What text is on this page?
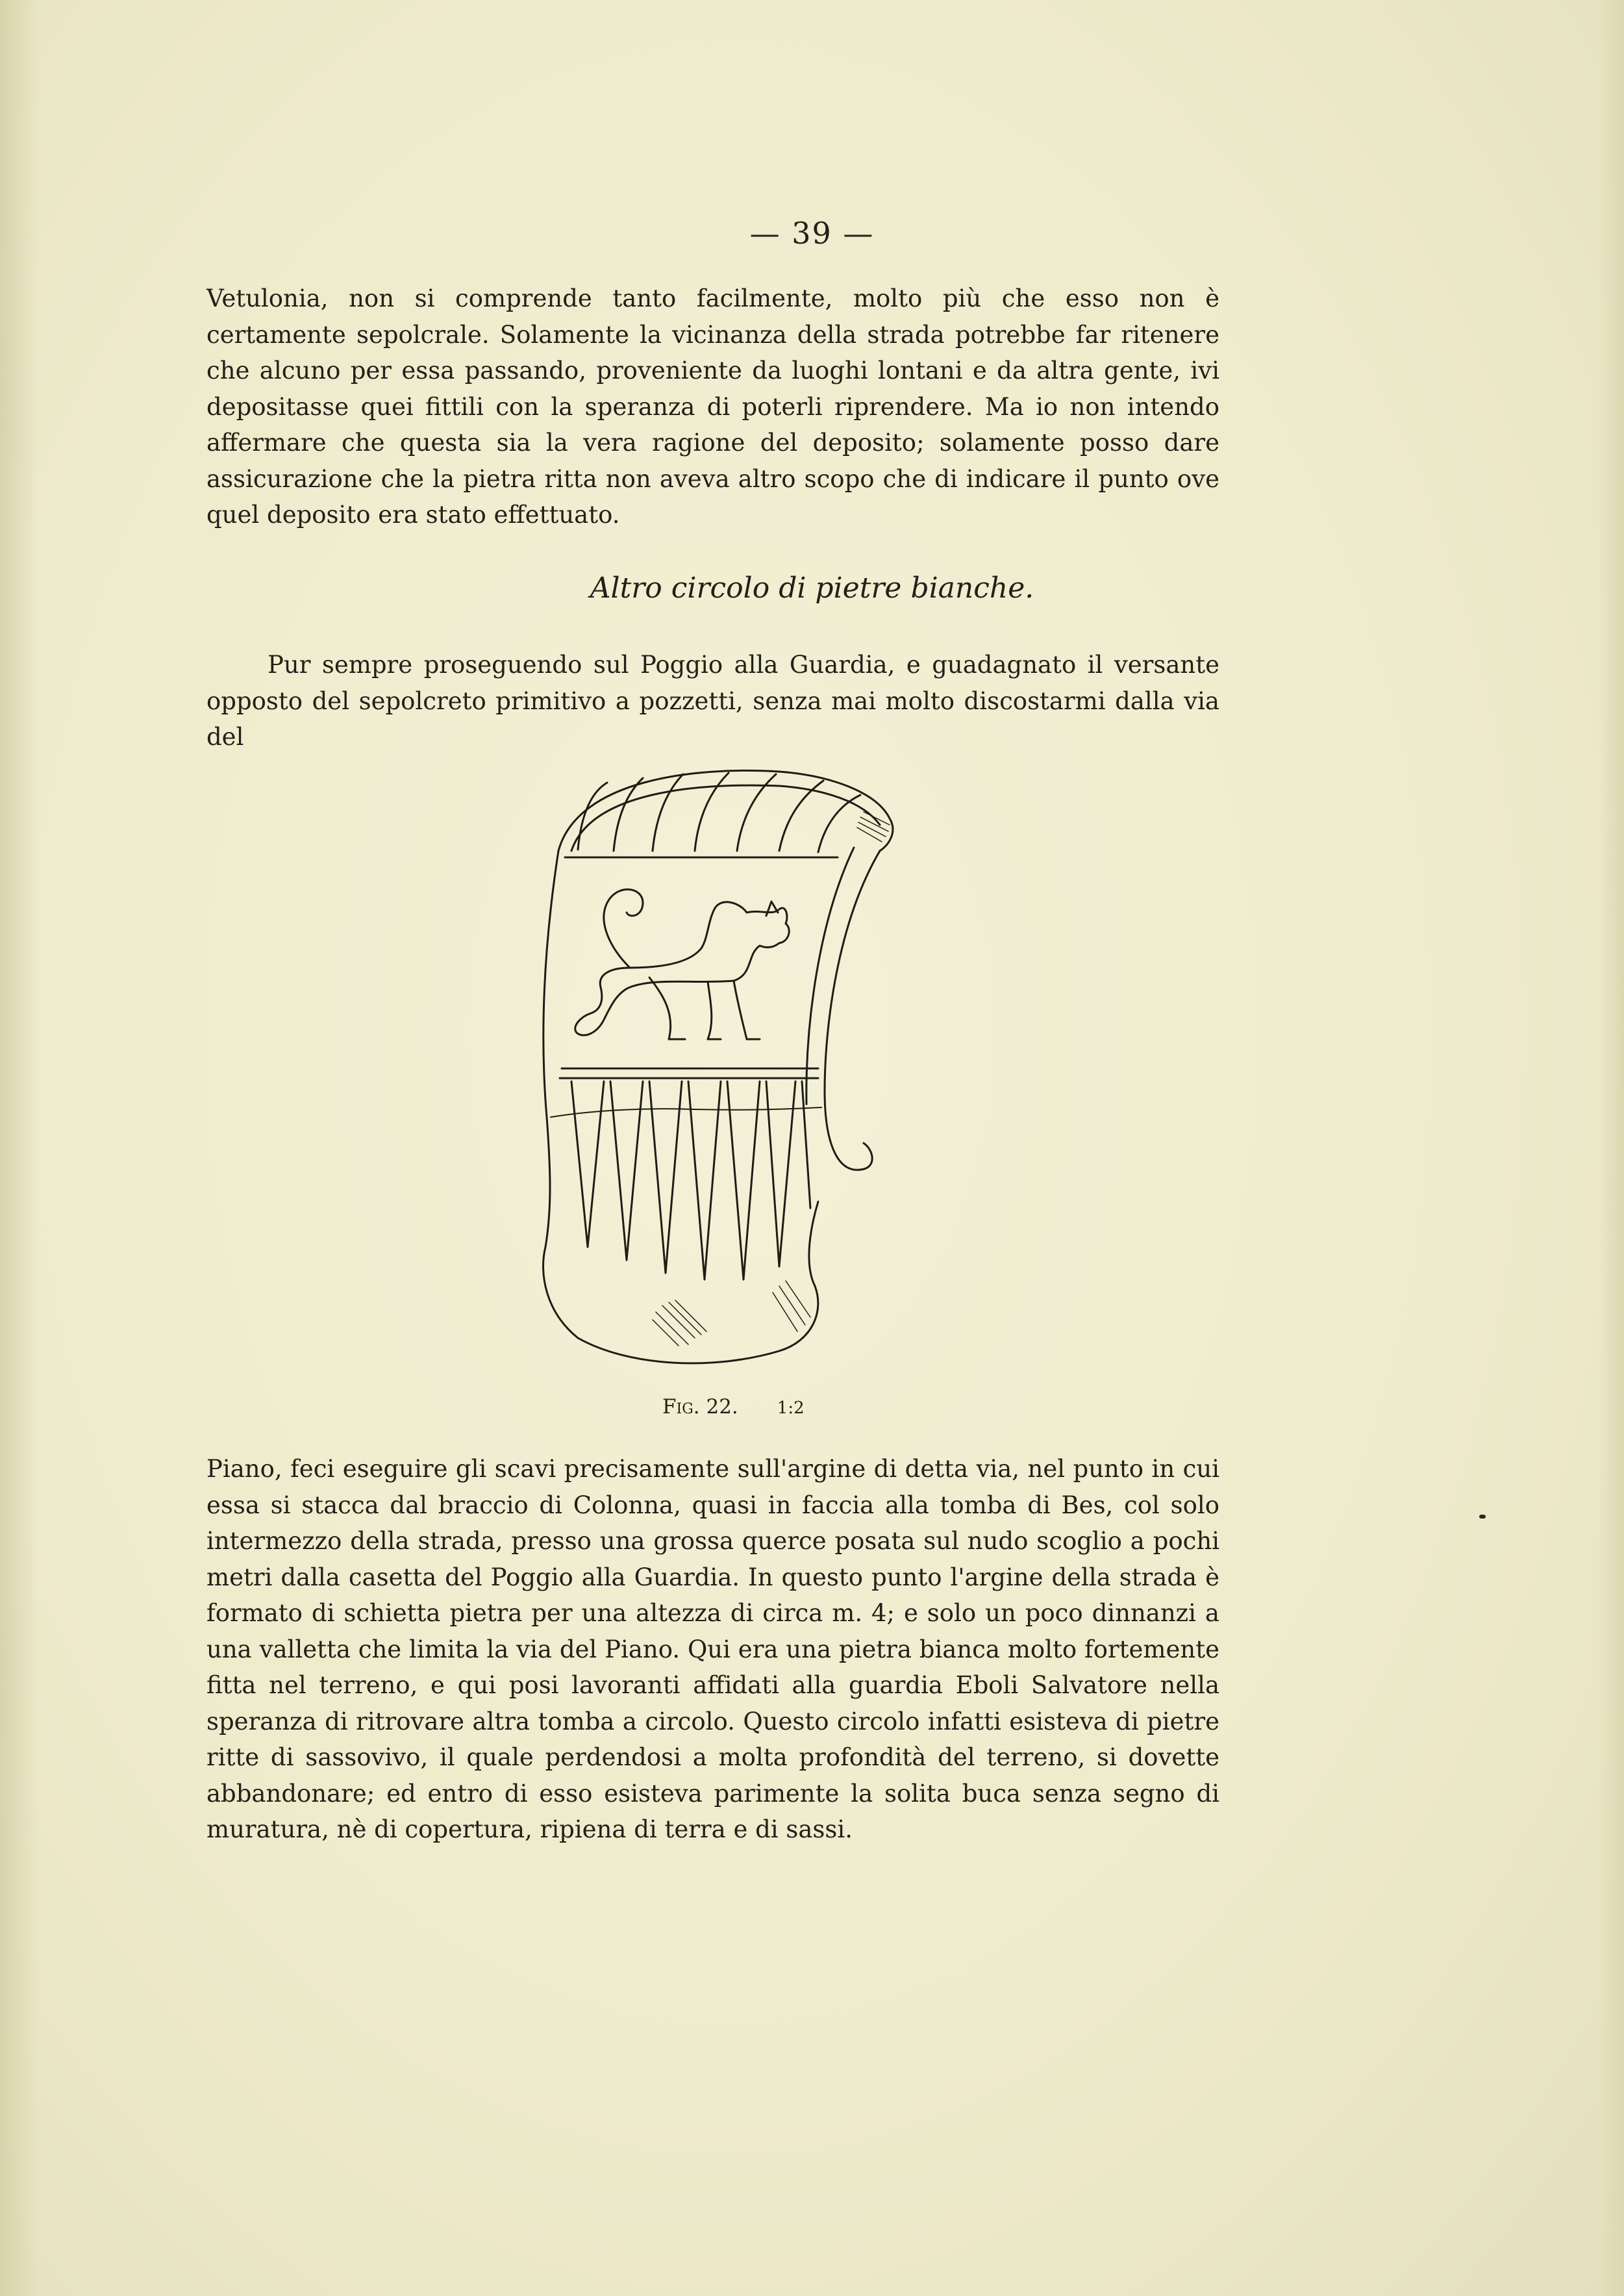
— 39 —

Vetulonia, non si comprende tanto facilmente, molto più che esso non è certamente sepolcrale. Solamente la vicinanza della strada potrebbe far ritenere che alcuno per essa passando, proveniente da luoghi lontani e da altra gente, ivi depositasse quei fittili con la speranza di poterli riprendere. Ma io non intendo affermare che questa sia la vera ragione del deposito; solamente posso dare assicurazione che la pietra ritta non aveva altro scopo che di indicare il punto ove quel deposito era stato effettuato.

Altro circolo di pietre bianche.

Pur sempre proseguendo sul Poggio alla Guardia, e guadagnato il versante opposto del sepolcreto primitivo a pozzetti, senza mai molto discostarmi dalla via del

Fig. 22. 1:2

Piano, feci eseguire gli scavi precisamente sull'argine di detta via, nel punto in cui essa si stacca dal braccio di Colonna, quasi in faccia alla tomba di Bes, col solo intermezzo della strada, presso una grossa querce posata sul nudo scoglio a pochi metri dalla casetta del Poggio alla Guardia. In questo punto l'argine della strada è formato di schietta pietra per una altezza di circa m. 4; e solo un poco dinnanzi a una valletta che limita la via del Piano. Qui era una pietra bianca molto fortemente fitta nel terreno, e qui posi lavoranti affidati alla guardia Eboli Salvatore nella speranza di ritrovare altra tomba a circolo. Questo circolo infatti esisteva di pietre ritte di sassovivo, il quale perdendosi a molta profondità del terreno, si dovette abbandonare; ed entro di esso esisteva parimente la solita buca senza segno di muratura, nè di copertura, ripiena di terra e di sassi.
